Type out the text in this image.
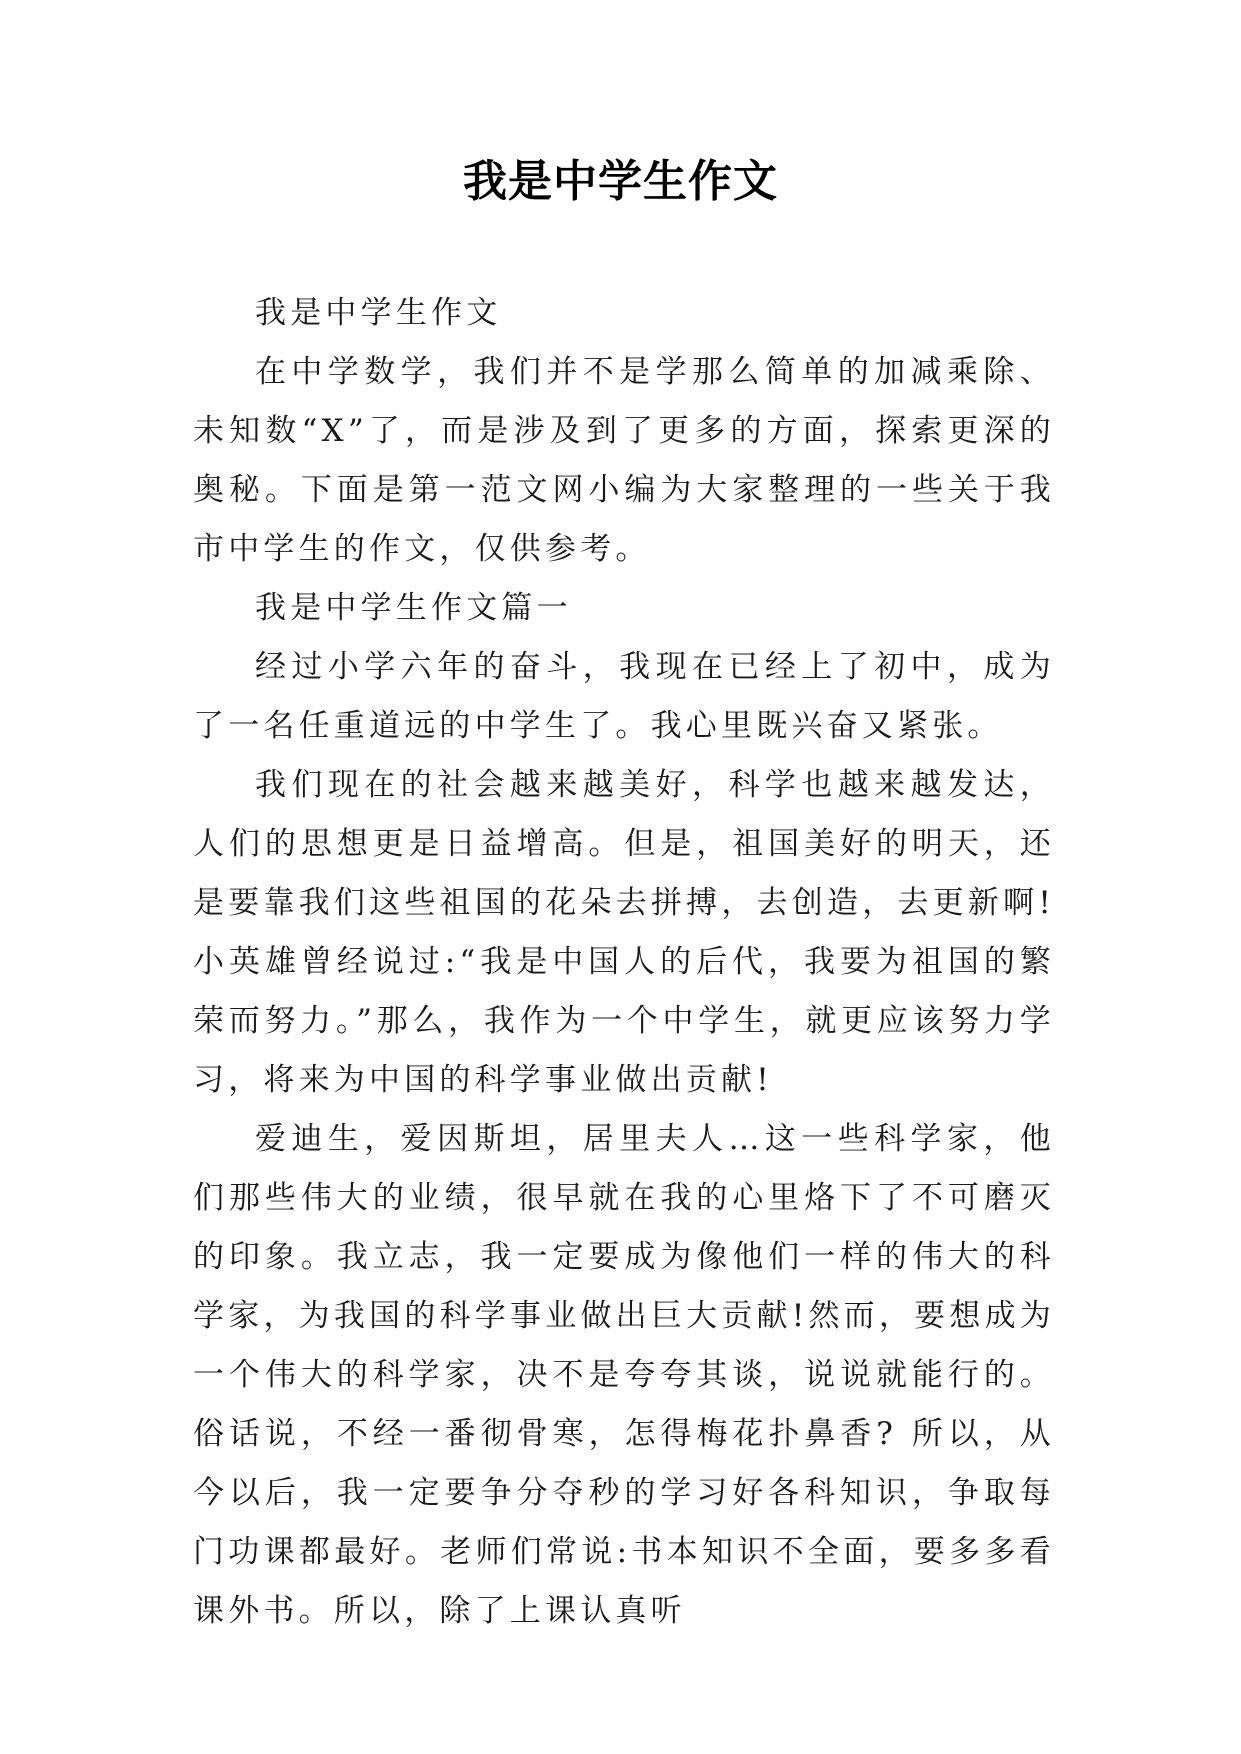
我是中学生作文

我是中学生作文

在中学数学，我们并不是学那么简单的加减乘除、未知数“X”了，而是涉及到了更多的方面，探索更深的奥秘。下面是第一范文网小编为大家整理的一些关于我市中学生的作文，仅供参考。

我是中学生作文篇一

经过小学六年的奋斗，我现在已经上了初中，成为了一名任重道远的中学生了。我心里既兴奋又紧张。

我们现在的社会越来越美好，科学也越来越发达，人们的思想更是日益增高。但是，祖国美好的明天，还是要靠我们这些祖国的花朵去拼搏，去创造，去更新啊!小英雄曾经说过:“我是中国人的后代，我要为祖国的繁荣而努力。”那么，我作为一个中学生，就更应该努力学习，将来为中国的科学事业做出贡献!

爱迪生，爱因斯坦，居里夫人…这一些科学家，他们那些伟大的业绩，很早就在我的心里烙下了不可磨灭的印象。我立志，我一定要成为像他们一样的伟大的科学家，为我国的科学事业做出巨大贡献!然而，要想成为一个伟大的科学家，决不是夸夸其谈，说说就能行的。俗话说，不经一番彻骨寒，怎得梅花扑鼻香? 所以，从今以后，我一定要争分夺秒的学习好各科知识，争取每门功课都最好。老师们常说:书本知识不全面，要多多看课外书。所以，除了上课认真听
